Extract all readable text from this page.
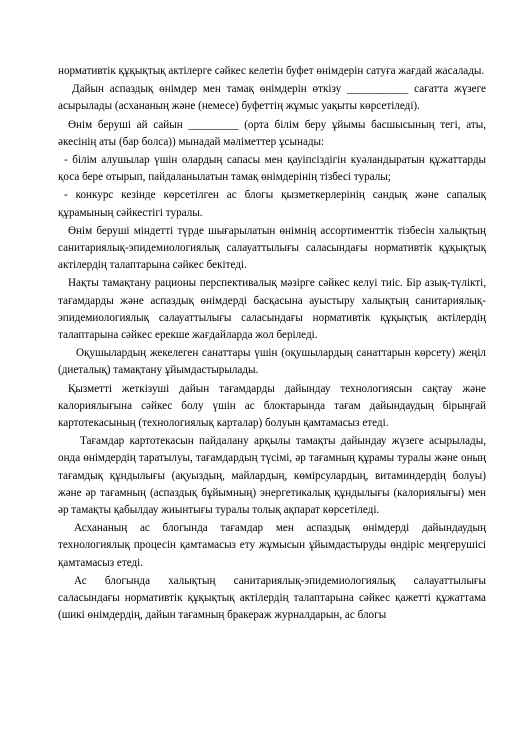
нормативтік құқықтық актілерге сәйкес келетін буфет өнімдерін сатуға жағдай жасалады.

Дайын аспаздық өнімдер мен тамақ өнімдерін өткізу ___________ сағатта жүзеге асырылады (асхананың және (немесе) буфеттің жұмыс уақыты көрсетіледі).

Өнім беруші ай сайын _________ (орта білім беру ұйымы басшысының тегі, аты, әкесінің аты (бар болса)) мынадай мәліметтер ұсынады:

- білім алушылар үшін олардың сапасы мен қауіпсіздігін куәландыратын құжаттарды қоса бере отырып, пайдаланылатын тамақ өнімдерінің тізбесі туралы;

- конкурс кезінде көрсетілген ас блогы қызметкерлерінің сандық және сапалық құрамының сәйкестігі туралы.

Өнім беруші міндетті түрде шығарылатын өнімнің ассортименттік тізбесін халықтың санитариялық-эпидемиологиялық салауаттылығы саласындағы нормативтік құқықтық актілердің талаптарына сәйкес бекітеді.

Нақты тамақтану рационы перспективалық мәзірге сәйкес келуі тиіс. Бір азық-түлікті, тағамдарды және аспаздық өнімдерді басқасына ауыстыру халықтың санитариялық-эпидемиологиялық салауаттылығы саласындағы нормативтік құқықтық актілердің талаптарына сәйкес ерекше жағдайларда жол беріледі.

Оқушылардың жекелеген санаттары үшін (оқушылардың санаттарын көрсету) жеңіл (диеталық) тамақтану ұйымдастырылады.

Қызметті жеткізуші дайын тағамдарды дайындау технологиясын сақтау және калориялығына сәйкес болу үшін ас блоктарында тағам дайындаудың бірыңғай картотекасының (технологиялық карталар) болуын қамтамасыз етеді.

Тағамдар картотекасын пайдалану арқылы тамақты дайындау жүзеге асырылады, онда өнімдердің таратылуы, тағамдардың түсімі, әр тағамның құрамы туралы және оның тағамдық құндылығы (ақуыздың, майлардың, көмірсулардың, витаминдердің болуы) және әр тағамның (аспаздық бұйымның) энергетикалық құндылығы (калориялығы) мен әр тамақты қабылдау жиынтығы туралы толық ақпарат көрсетіледі.

Асхананың ас блогында тағамдар мен аспаздық өнімдерді дайындаудың технологиялық процесін қамтамасыз ету жұмысын ұйымдастыруды өндіріс меңгерушісі қамтамасыз етеді.

Ас блогында халықтың санитариялық-эпидемиологиялық салауаттылығы саласындағы нормативтік құқықтық актілердің талаптарына сәйкес қажетті құжаттама (шикі өнімдердің, дайын тағамның бракераж журналдарын, ас блогы
